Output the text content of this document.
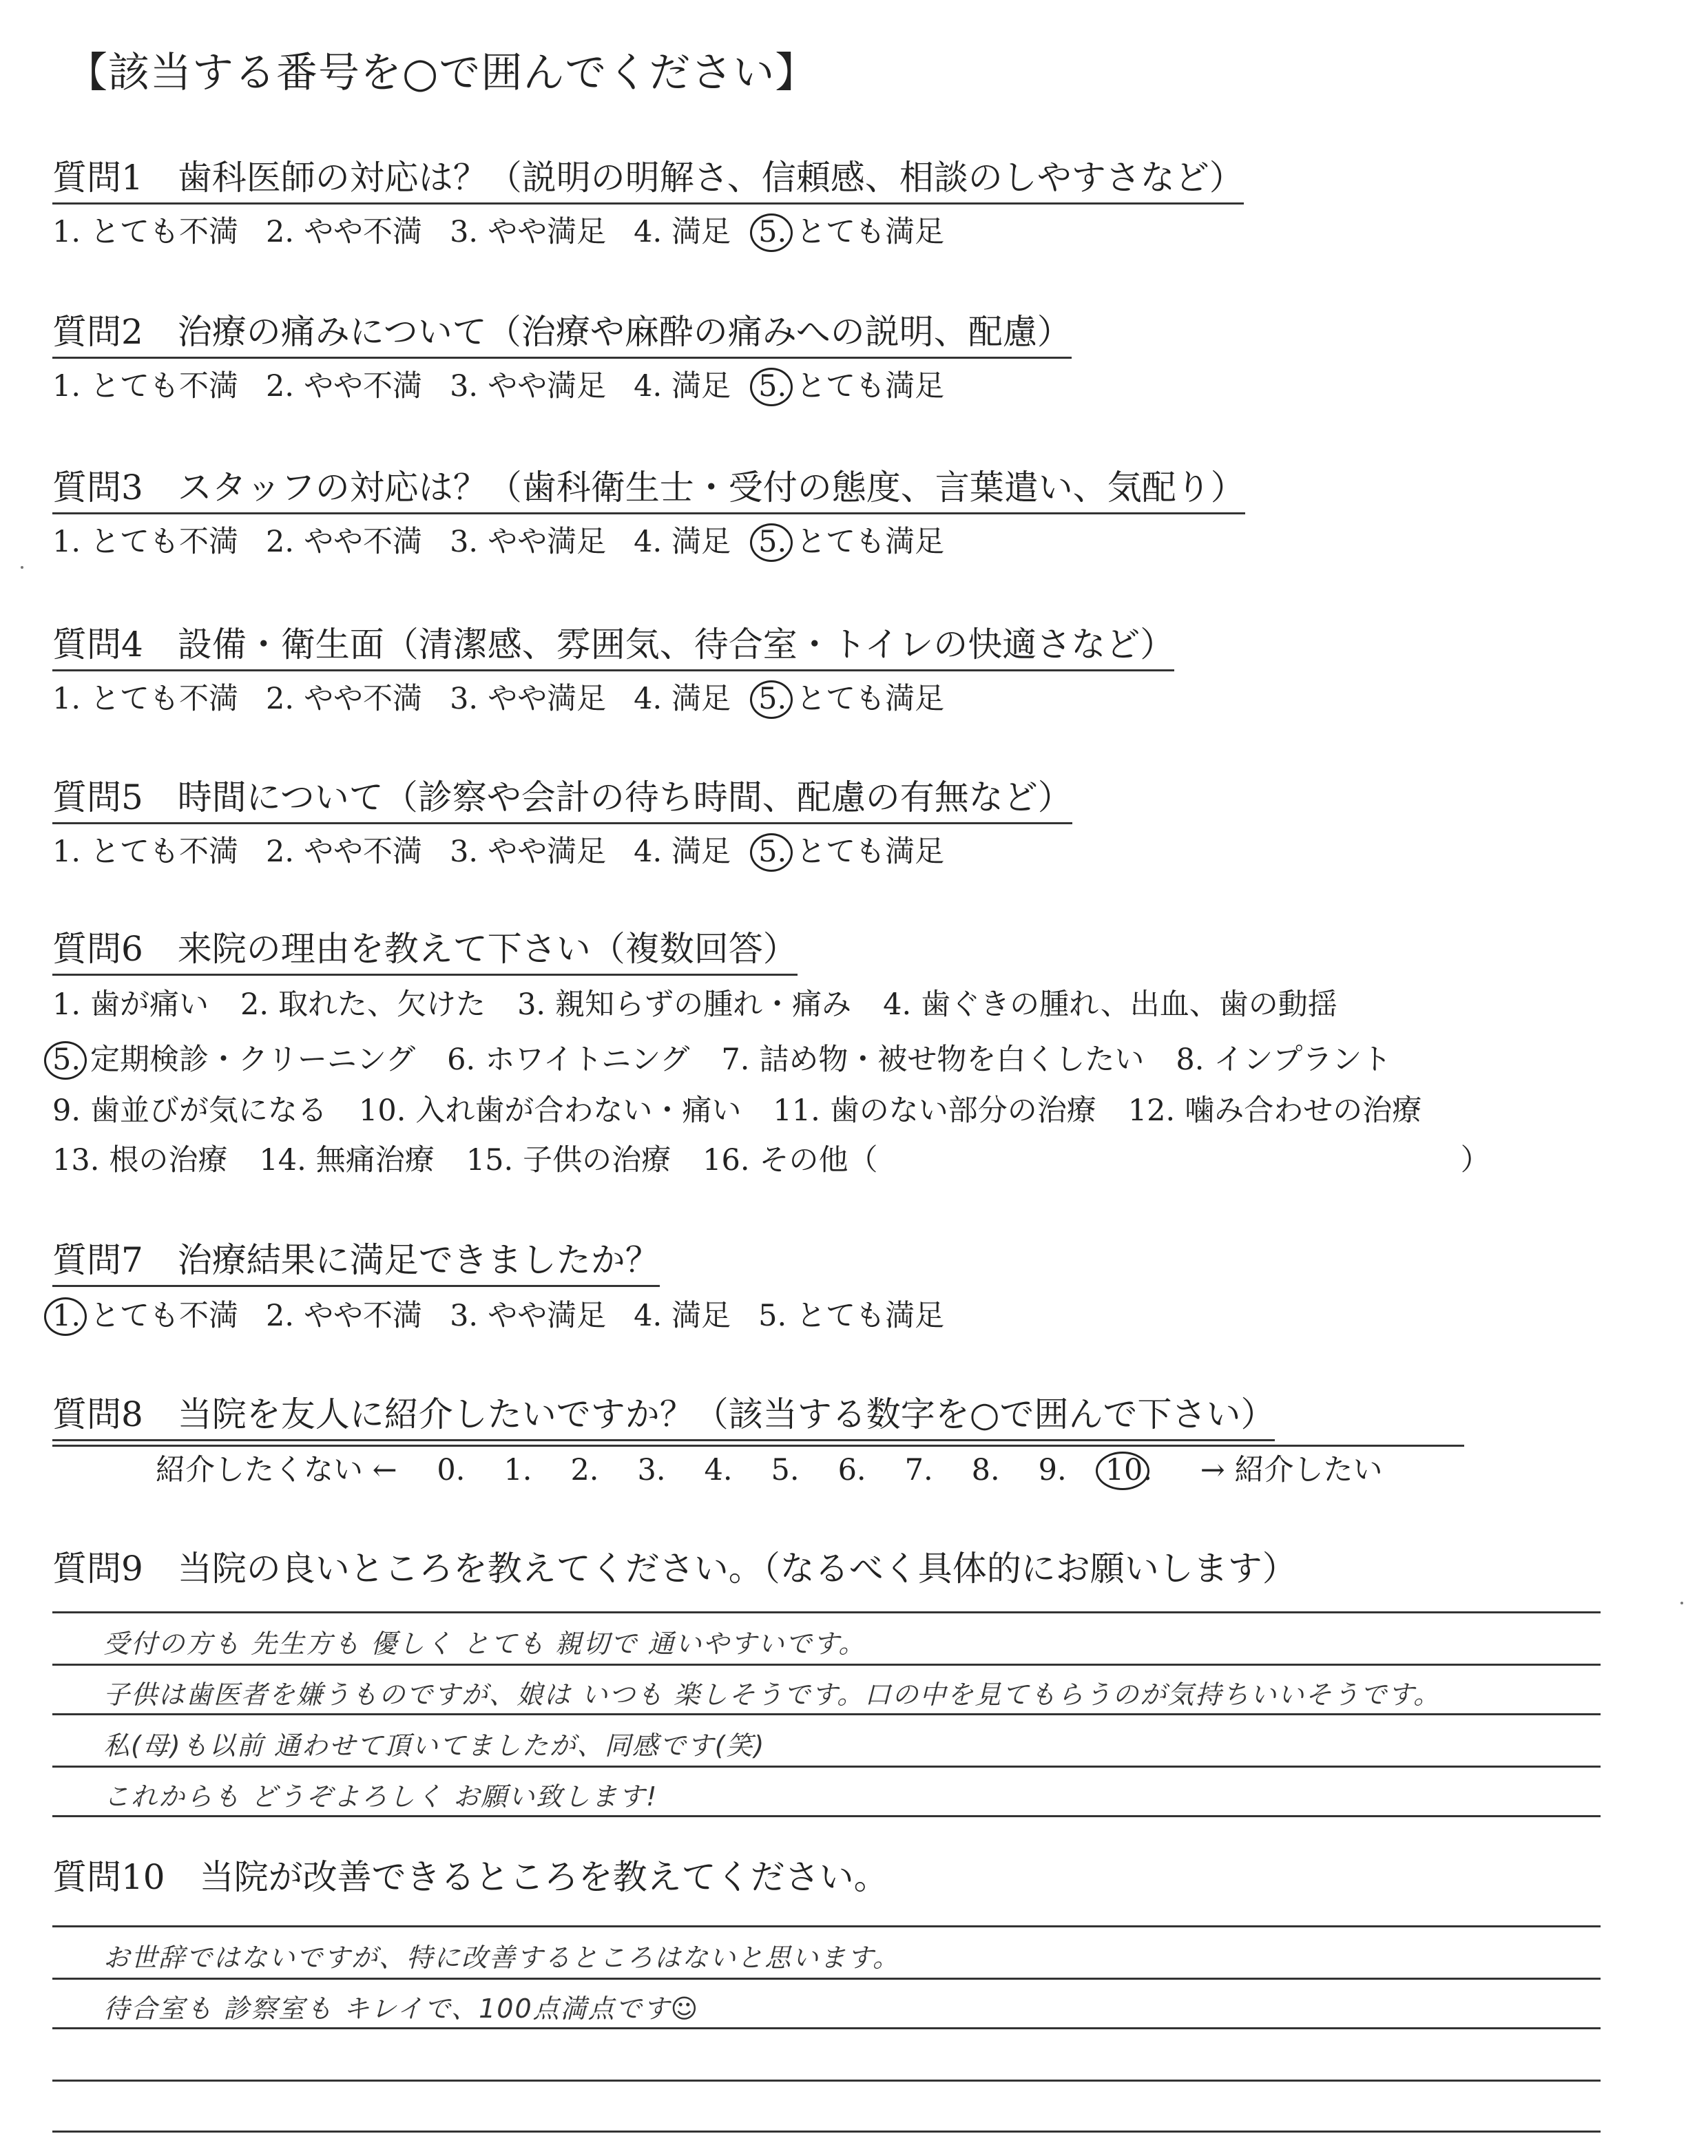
【該当する番号を○で囲んでください】
質問1　歯科医師の対応は？（説明の明解さ、信頼感、相談のしやすさなど）
1. とても不満 2. やや不満 3. やや満足 4. 満足 5. とても満足
質問2　治療の痛みについて（治療や麻酔の痛みへの説明、配慮）
1. とても不満 2. やや不満 3. やや満足 4. 満足 5. とても満足
質問3　スタッフの対応は？（歯科衛生士・受付の態度、言葉遣い、気配り）
1. とても不満 2. やや不満 3. やや満足 4. 満足 5. とても満足
質問4　設備・衛生面（清潔感、雰囲気、待合室・トイレの快適さなど）
1. とても不満 2. やや不満 3. やや満足 4. 満足 5. とても満足
質問5　時間について（診察や会計の待ち時間、配慮の有無など）
1. とても不満 2. やや不満 3. やや満足 4. 満足 5. とても満足
質問6　来院の理由を教えて下さい（複数回答）
1. 歯が痛い 2. 取れた、欠けた 3. 親知らずの腫れ・痛み 4. 歯ぐきの腫れ、出血、歯の動揺
5. 定期検診・クリーニング 6. ホワイトニング 7. 詰め物・被せ物を白くしたい 8. インプラント
9. 歯並びが気になる 10. 入れ歯が合わない・痛い 11. 歯のない部分の治療 12. 噛み合わせの治療
13. 根の治療 14. 無痛治療 15. 子供の治療 16. その他（	）
質問7　治療結果に満足できましたか？
1. とても不満 2. やや不満 3. やや満足 4. 満足 5. とても満足
質問8　当院を友人に紹介したいですか？（該当する数字を○で囲んで下さい）
紹介したくない ← 0. 1. 2. 3. 4. 5. 6. 7. 8. 9. 10. → 紹介したい
質問9　当院の良いところを教えてください。（なるべく具体的にお願いします）
受付の方も 先生方も 優しく とても 親切で 通いやすいです。
子供は歯医者を嫌うものですが、娘は いつも 楽しそうです。口の中を見てもらうのが気持ちいいそうです。
私(母)も以前 通わせて頂いてましたが、同感です(笑)
これからも どうぞよろしく お願い致します!
質問10　当院が改善できるところを教えてください。
お世辞ではないですが、特に改善するところはないと思います。
待合室も 診察室も キレイで、100点満点です☺
